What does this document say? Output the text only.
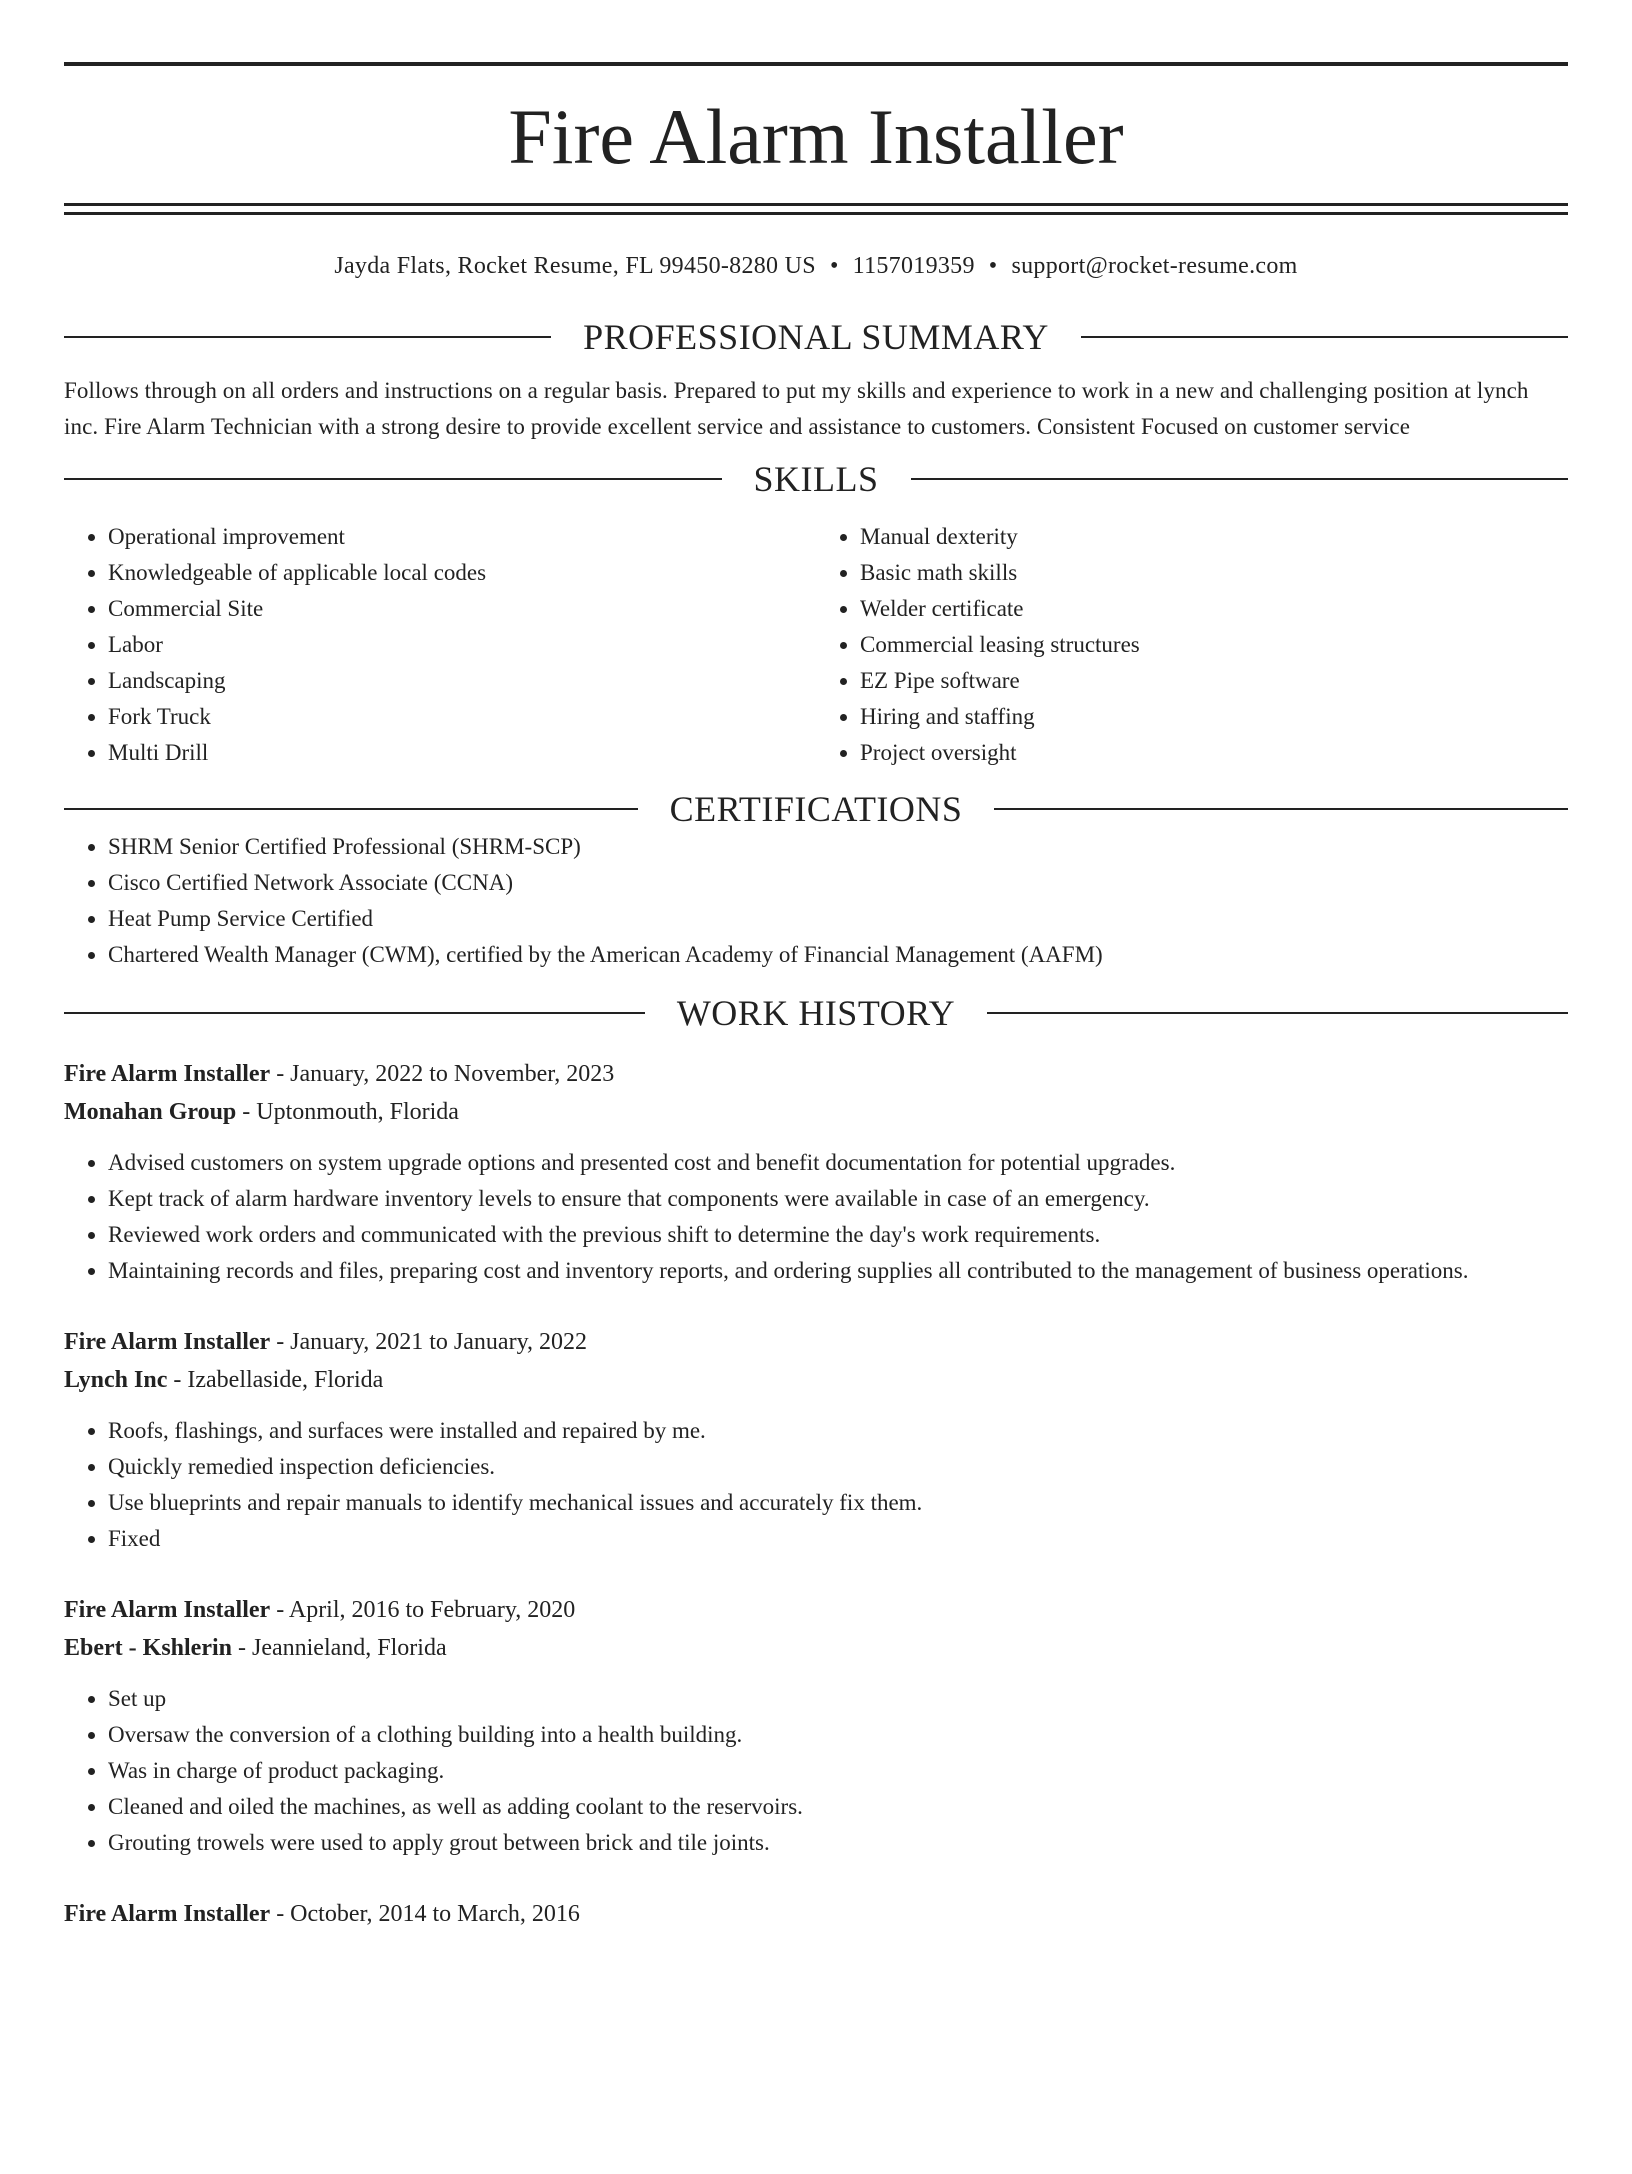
Fire Alarm Installer
Jayda Flats, Rocket Resume, FL 99450-8280 US • 1157019359 • support@rocket-resume.com
PROFESSIONAL SUMMARY
Follows through on all orders and instructions on a regular basis. Prepared to put my skills and experience to work in a new and challenging position at lynch inc. Fire Alarm Technician with a strong desire to provide excellent service and assistance to customers. Consistent Focused on customer service
SKILLS
• Operational improvement
• Knowledgeable of applicable local codes
• Commercial Site
• Labor
• Landscaping
• Fork Truck
• Multi Drill
• Manual dexterity
• Basic math skills
• Welder certificate
• Commercial leasing structures
• EZ Pipe software
• Hiring and staffing
• Project oversight
CERTIFICATIONS
• SHRM Senior Certified Professional (SHRM-SCP)
• Cisco Certified Network Associate (CCNA)
• Heat Pump Service Certified
• Chartered Wealth Manager (CWM), certified by the American Academy of Financial Management (AAFM)
WORK HISTORY
Fire Alarm Installer - January, 2022 to November, 2023
Monahan Group - Uptonmouth, Florida
• Advised customers on system upgrade options and presented cost and benefit documentation for potential upgrades.
• Kept track of alarm hardware inventory levels to ensure that components were available in case of an emergency.
• Reviewed work orders and communicated with the previous shift to determine the day's work requirements.
• Maintaining records and files, preparing cost and inventory reports, and ordering supplies all contributed to the management of business operations.
Fire Alarm Installer - January, 2021 to January, 2022
Lynch Inc - Izabellaside, Florida
• Roofs, flashings, and surfaces were installed and repaired by me.
• Quickly remedied inspection deficiencies.
• Use blueprints and repair manuals to identify mechanical issues and accurately fix them.
• Fixed
Fire Alarm Installer - April, 2016 to February, 2020
Ebert - Kshlerin - Jeannieland, Florida
• Set up
• Oversaw the conversion of a clothing building into a health building.
• Was in charge of product packaging.
• Cleaned and oiled the machines, as well as adding coolant to the reservoirs.
• Grouting trowels were used to apply grout between brick and tile joints.
Fire Alarm Installer - October, 2014 to March, 2016
